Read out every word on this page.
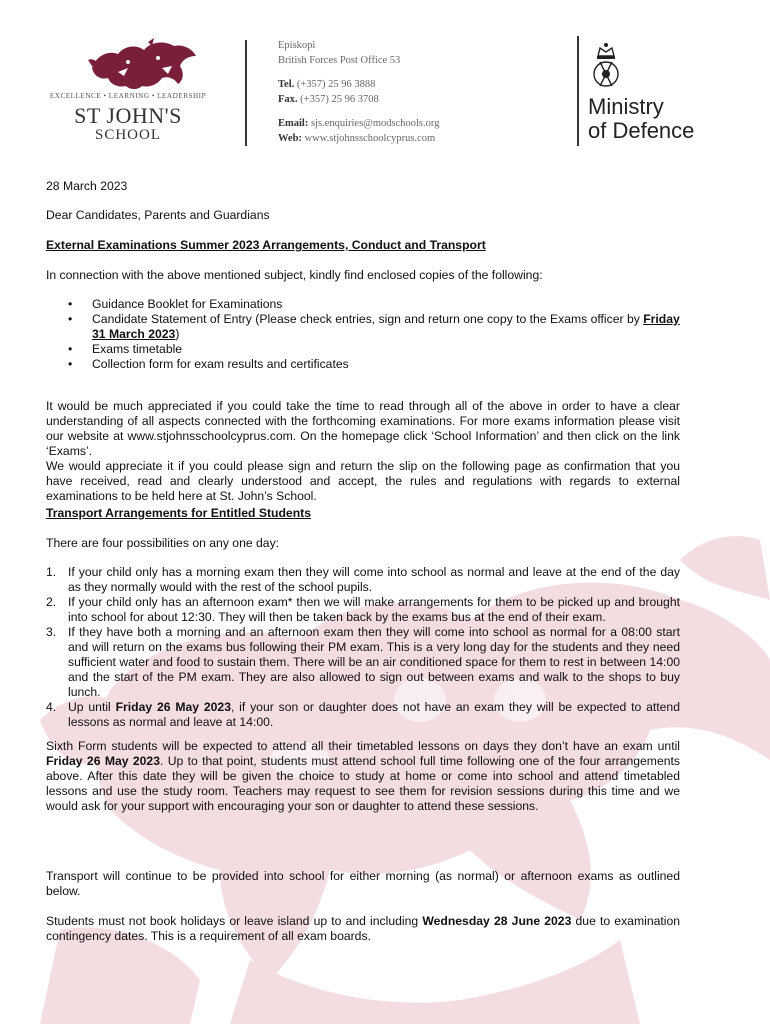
EXCELLENCE • LEARNING • LEADERSHIP
ST JOHN'S
SCHOOL
Episkopi
British Forces Post Office 53
Tel. (+357) 25 96 3888
Fax. (+357) 25 96 3708
Email: sjs.enquiries@modschools.org
Web: www.stjohnsschoolcyprus.com
Ministry
of Defence
28 March 2023
Dear Candidates, Parents and Guardians
External Examinations Summer 2023 Arrangements, Conduct and Transport
In connection with the above mentioned subject, kindly find enclosed copies of the following:
• Guidance Booklet for Examinations
• Candidate Statement of Entry (Please check entries, sign and return one copy to the Exams officer by Friday 31 March 2023)
• Exams timetable
• Collection form for exam results and certificates

It would be much appreciated if you could take the time to read through all of the above in order to have a clear understanding of all aspects connected with the forthcoming examinations. For more exams information please visit our website at www.stjohnsschoolcyprus.com. On the homepage click ‘School Information’ and then click on the link ‘Exams’.

We would appreciate it if you could please sign and return the slip on the following page as confirmation that you have received, read and clearly understood and accept, the rules and regulations with regards to external examinations to be held here at St. John’s School.

Transport Arrangements for Entitled Students
There are four possibilities on any one day:
1. If your child only has a morning exam then they will come into school as normal and leave at the end of the day as they normally would with the rest of the school pupils.
2. If your child only has an afternoon exam* then we will make arrangements for them to be picked up and brought into school for about 12:30. They will then be taken back by the exams bus at the end of their exam.
3. If they have both a morning and an afternoon exam then they will come into school as normal for a 08:00 start and will return on the exams bus following their PM exam. This is a very long day for the students and they need sufficient water and food to sustain them. There will be an air conditioned space for them to rest in between 14:00 and the start of the PM exam. They are also allowed to sign out between exams and walk to the shops to buy lunch.
4. Up until Friday 26 May 2023, if your son or daughter does not have an exam they will be expected to attend lessons as normal and leave at 14:00.

Sixth Form students will be expected to attend all their timetabled lessons on days they don’t have an exam until Friday 26 May 2023. Up to that point, students must attend school full time following one of the four arrangements above. After this date they will be given the choice to study at home or come into school and attend timetabled lessons and use the study room. Teachers may request to see them for revision sessions during this time and we would ask for your support with encouraging your son or daughter to attend these sessions.

Transport will continue to be provided into school for either morning (as normal) or afternoon exams as outlined below.

Students must not book holidays or leave island up to and including Wednesday 28 June 2023 due to examination contingency dates. This is a requirement of all exam boards.
